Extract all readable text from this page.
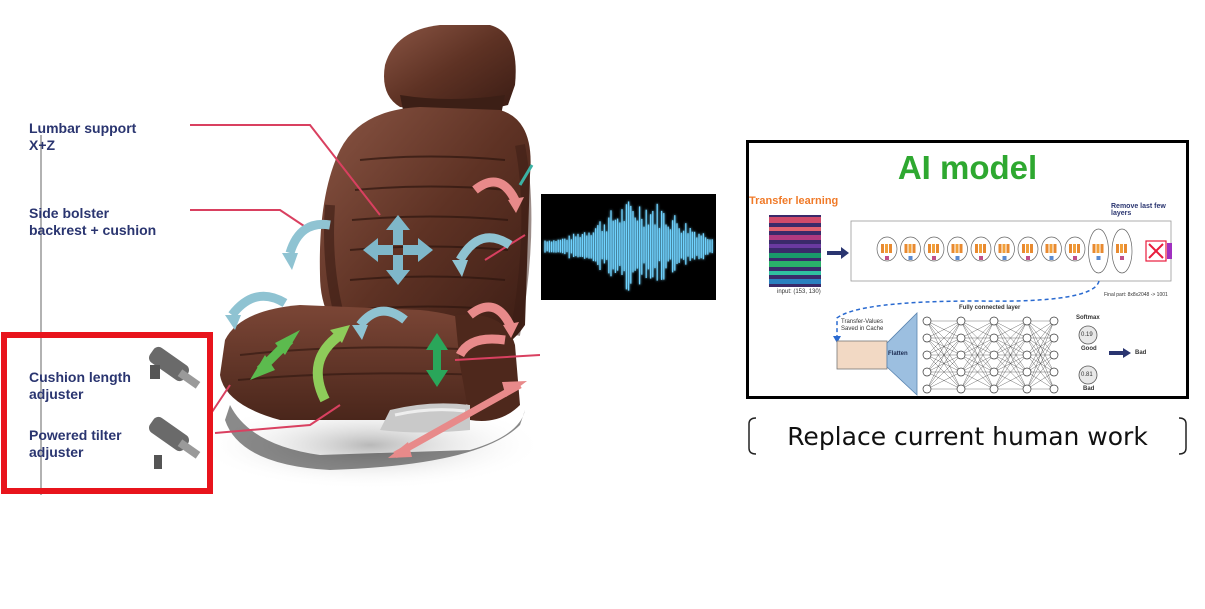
Lumbar support
X+Z
Side bolster
backrest + cushion
Cushion length
adjuster
Powered tilter
adjuster
AI model
Transfer learning	Remove last few layers
input: (153, 130)	Final part: 8x8x2048 -> 1001
Transfer-Values
Saved in Cache
Fully connected layer
Flatten
Softmax
0.19
Good
0.81
Bad
Bad
Replace current human work
